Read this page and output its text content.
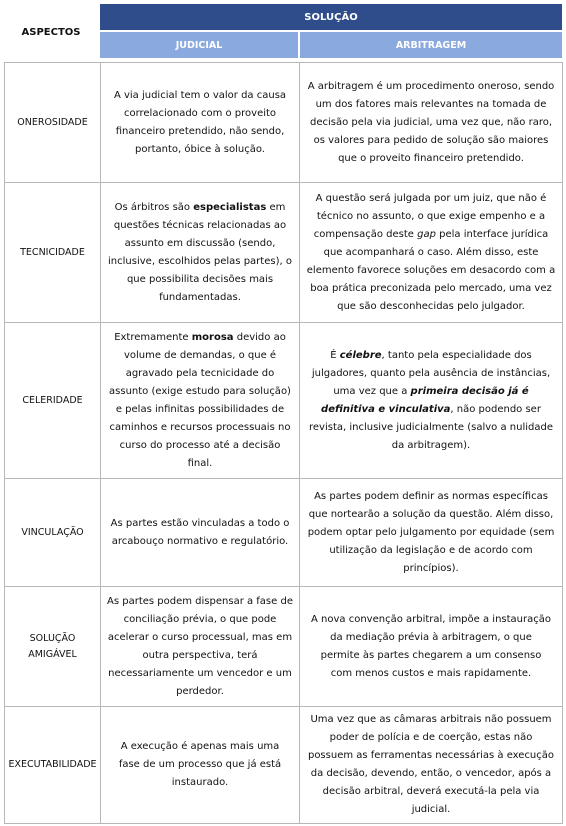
ASPECTOS
SOLUÇÃO
JUDICIAL	ARBITRAGEM

ONEROSIDADE

A via judicial tem o valor da causa correlacionado com o proveito financeiro pretendido, não sendo, portanto, óbice à solução.

A arbitragem é um procedimento oneroso, sendo um dos fatores mais relevantes na tomada de decisão pela via judicial, uma vez que, não raro, os valores para pedido de solução são maiores que o proveito financeiro pretendido.

TECNICIDADE

Os árbitros são especialistas em questões técnicas relacionadas ao assunto em discussão (sendo, inclusive, escolhidos pelas partes), o que possibilita decisões mais fundamentadas.

A questão será julgada por um juiz, que não é técnico no assunto, o que exige empenho e a compensação deste gap pela interface jurídica que acompanhará o caso. Além disso, este elemento favorece soluções em desacordo com a boa prática preconizada pelo mercado, uma vez que são desconhecidas pelo julgador.

CELERIDADE

Extremamente morosa devido ao volume de demandas, o que é agravado pela tecnicidade do assunto (exige estudo para solução) e pelas infinitas possibilidades de caminhos e recursos processuais no curso do processo até a decisão final.

É célebre, tanto pela especialidade dos julgadores, quanto pela ausência de instâncias, uma vez que a primeira decisão já é definitiva e vinculativa, não podendo ser revista, inclusive judicialmente (salvo a nulidade da arbitragem).

VINCULAÇÃO

As partes estão vinculadas a todo o arcabouço normativo e regulatório.

As partes podem definir as normas específicas que nortearão a solução da questão. Além disso, podem optar pelo julgamento por equidade (sem utilização da legislação e de acordo com princípios).

SOLUÇÃO AMIGÁVEL

As partes podem dispensar a fase de conciliação prévia, o que pode acelerar o curso processual, mas em outra perspectiva, terá necessariamente um vencedor e um perdedor.

A nova convenção arbitral, impõe a instauração da mediação prévia à arbitragem, o que permite às partes chegarem a um consenso com menos custos e mais rapidamente.

EXECUTABILIDADE

A execução é apenas mais uma fase de um processo que já está instaurado.

Uma vez que as câmaras arbitrais não possuem poder de polícia e de coerção, estas não possuem as ferramentas necessárias à execução da decisão, devendo, então, o vencedor, após a decisão arbitral, deverá executá-la pela via judicial.
